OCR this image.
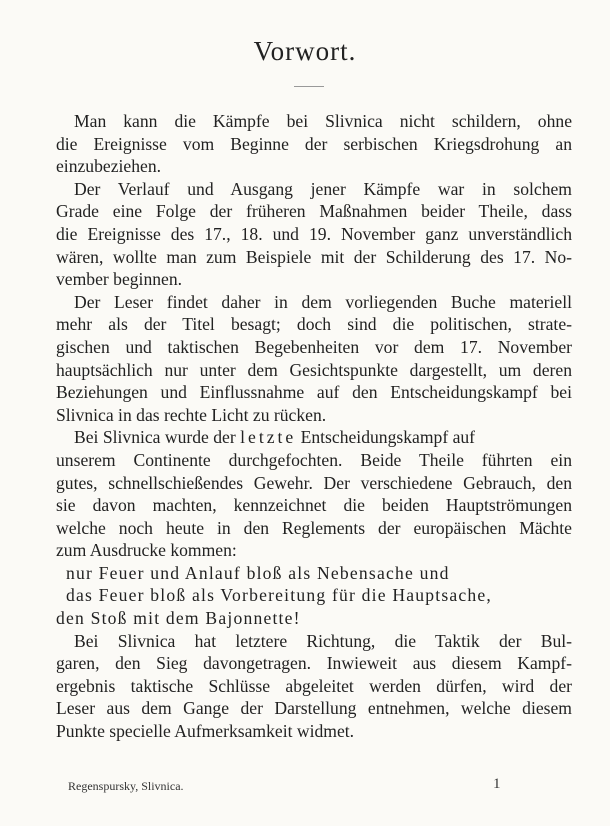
Vorwort.
Man kann die Kämpfe bei Slivnica nicht schildern, ohne
die Ereignisse vom Beginne der serbischen Kriegsdrohung an
einzubeziehen.
Der Verlauf und Ausgang jener Kämpfe war in solchem
Grade eine Folge der früheren Maßnahmen beider Theile, dass
die Ereignisse des 17., 18. und 19. November ganz unverständlich
wären, wollte man zum Beispiele mit der Schilderung des 17. No-
vember beginnen.
Der Leser findet daher in dem vorliegenden Buche materiell
mehr als der Titel besagt; doch sind die politischen, strate-
gischen und taktischen Begebenheiten vor dem 17. November
hauptsächlich nur unter dem Gesichtspunkte dargestellt, um deren
Beziehungen und Einflussnahme auf den Entscheidungskampf bei
Slivnica in das rechte Licht zu rücken.
Bei Slivnica wurde der letzte Entscheidungskampf auf
unserem Continente durchgefochten. Beide Theile führten ein
gutes, schnellschießendes Gewehr. Der verschiedene Gebrauch, den
sie davon machten, kennzeichnet die beiden Hauptströmungen
welche noch heute in den Reglements der europäischen Mächte
zum Ausdrucke kommen:
nur Feuer und Anlauf bloß als Nebensache und
das Feuer bloß als Vorbereitung für die Hauptsache,
den Stoß mit dem Bajonnette!
Bei Slivnica hat letztere Richtung, die Taktik der Bul-
garen, den Sieg davongetragen. Inwieweit aus diesem Kampf-
ergebnis taktische Schlüsse abgeleitet werden dürfen, wird der
Leser aus dem Gange der Darstellung entnehmen, welche diesem
Punkte specielle Aufmerksamkeit widmet.
Regenspursky, Slivnica.	1
